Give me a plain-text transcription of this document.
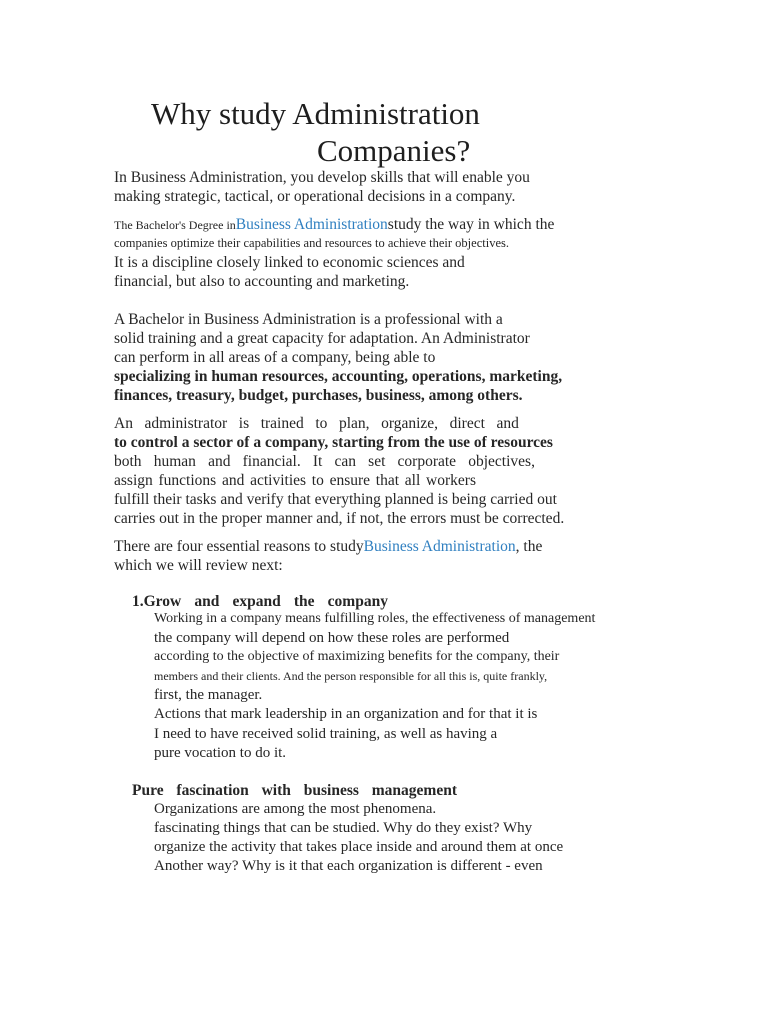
Why study Administration
Companies?

In Business Administration, you develop skills that will enable you

making strategic, tactical, or operational decisions in a company.

The Bachelor's Degree inBusiness Administrationstudy the way in which the

companies optimize their capabilities and resources to achieve their objectives.

It is a discipline closely linked to economic sciences and

financial, but also to accounting and marketing.

A Bachelor in Business Administration is a professional with a

solid training and a great capacity for adaptation. An Administrator

can perform in all areas of a company, being able to

specializing in human resources, accounting, operations, marketing,

finances, treasury, budget, purchases, business, among others.

An administrator is trained to plan, organize, direct and

to control a sector of a company, starting from the use of resources

both human and financial. It can set corporate objectives,

assign functions and activities to ensure that all workers

fulfill their tasks and verify that everything planned is being carried out

carries out in the proper manner and, if not, the errors must be corrected.

There are four essential reasons to studyBusiness Administration, the

which we will review next:

1.Grow and expand the company

Working in a company means fulfilling roles, the effectiveness of management

the company will depend on how these roles are performed

according to the objective of maximizing benefits for the company, their

members and their clients. And the person responsible for all this is, quite frankly,

first, the manager.

Actions that mark leadership in an organization and for that it is

I need to have received solid training, as well as having a

pure vocation to do it.

Pure fascination with business management

Organizations are among the most phenomena.

fascinating things that can be studied. Why do they exist? Why

organize the activity that takes place inside and around them at once

Another way? Why is it that each organization is different - even
